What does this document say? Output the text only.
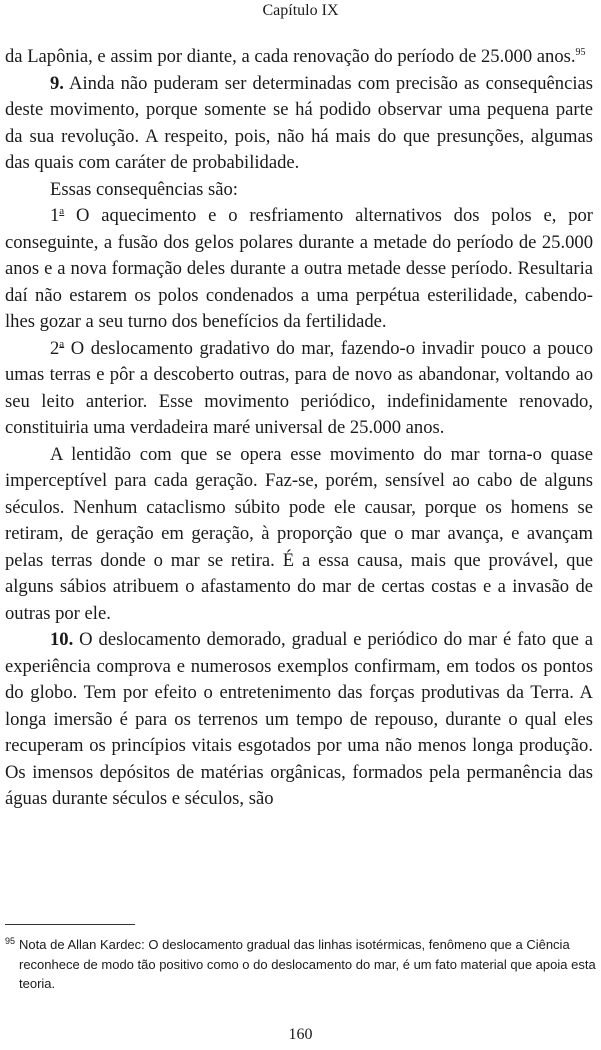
Capítulo IX

da Lapônia, e assim por diante, a cada renovação do período de 25.000 anos.$^{95}$

9. Ainda não puderam ser determinadas com precisão as consequências deste movimento, porque somente se há podido observar uma pequena parte da sua revolução. A respeito, pois, não há mais do que presunções, algumas das quais com caráter de probabilidade.

Essas consequências são:

1$^a$ O aquecimento e o resfriamento alternativos dos polos e, por conseguinte, a fusão dos gelos polares durante a metade do período de 25.000 anos e a nova formação deles durante a outra metade desse período. Resultaria daí não estarem os polos condenados a uma perpétua esterilidade, cabendo-lhes gozar a seu turno dos benefícios da fertilidade.

2$^a$ O deslocamento gradativo do mar, fazendo-o invadir pouco a pouco umas terras e pôr a descoberto outras, para de novo as abandonar, voltando ao seu leito anterior. Esse movimento periódico, indefinidamente renovado, constituiria uma verdadeira maré universal de 25.000 anos.

A lentidão com que se opera esse movimento do mar torna-o quase imperceptível para cada geração. Faz-se, porém, sensível ao cabo de alguns séculos. Nenhum cataclismo súbito pode ele causar, porque os homens se retiram, de geração em geração, à proporção que o mar avança, e avançam pelas terras donde o mar se retira. É a essa causa, mais que provável, que alguns sábios atribuem o afastamento do mar de certas costas e a invasão de outras por ele.

10. O deslocamento demorado, gradual e periódico do mar é fato que a experiência comprova e numerosos exemplos confirmam, em todos os pontos do globo. Tem por efeito o entretenimento das forças produtivas da Terra. A longa imersão é para os terrenos um tempo de repouso, durante o qual eles recuperam os princípios vitais esgotados por uma não menos longa produção. Os imensos depósitos de matérias orgânicas, formados pela permanência das águas durante séculos e séculos, são

$^{95}$ Nota de Allan Kardec: O deslocamento gradual das linhas isotérmicas, fenômeno que a Ciência reconhece de modo tão positivo como o do deslocamento do mar, é um fato material que apoia esta teoria.
160
